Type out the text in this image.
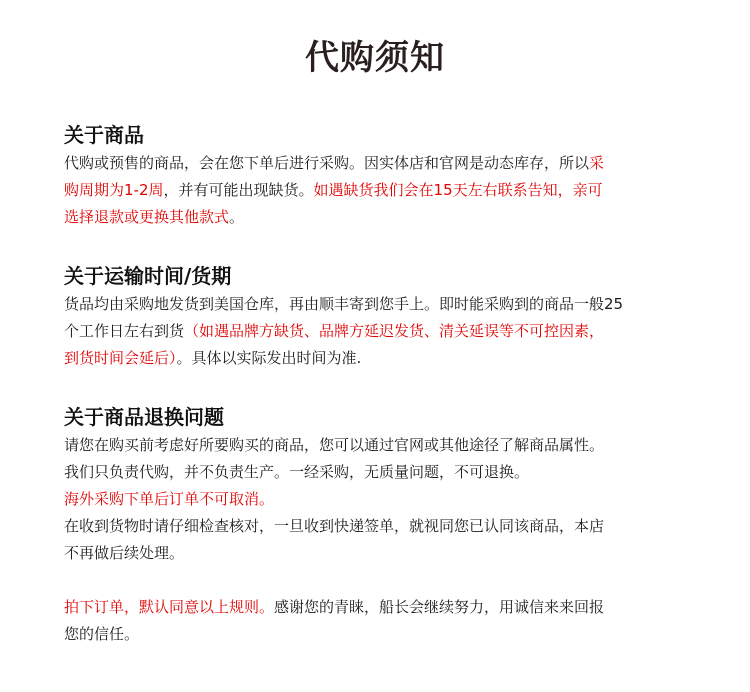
代购须知
关于商品
代购或预售的商品，会在您下单后进行采购。因实体店和官网是动态库存，所以采
购周期为1-2周，并有可能出现缺货。如遇缺货我们会在15天左右联系告知，亲可
选择退款或更换其他款式。
关于运输时间/货期
货品均由采购地发货到美国仓库，再由顺丰寄到您手上。即时能采购到的商品一般25
个工作日左右到货（如遇品牌方缺货、品牌方延迟发货、清关延误等不可控因素，
到货时间会延后）。具体以实际发出时间为准.
关于商品退换问题
请您在购买前考虑好所要购买的商品，您可以通过官网或其他途径了解商品属性。
我们只负责代购，并不负责生产。一经采购，无质量问题，不可退换。
海外采购下单后订单不可取消。
在收到货物时请仔细检查核对，一旦收到快递签单，就视同您已认同该商品，本店
不再做后续处理。
拍下订单，默认同意以上规则。感谢您的青睐，船长会继续努力，用诚信来来回报
您的信任。
